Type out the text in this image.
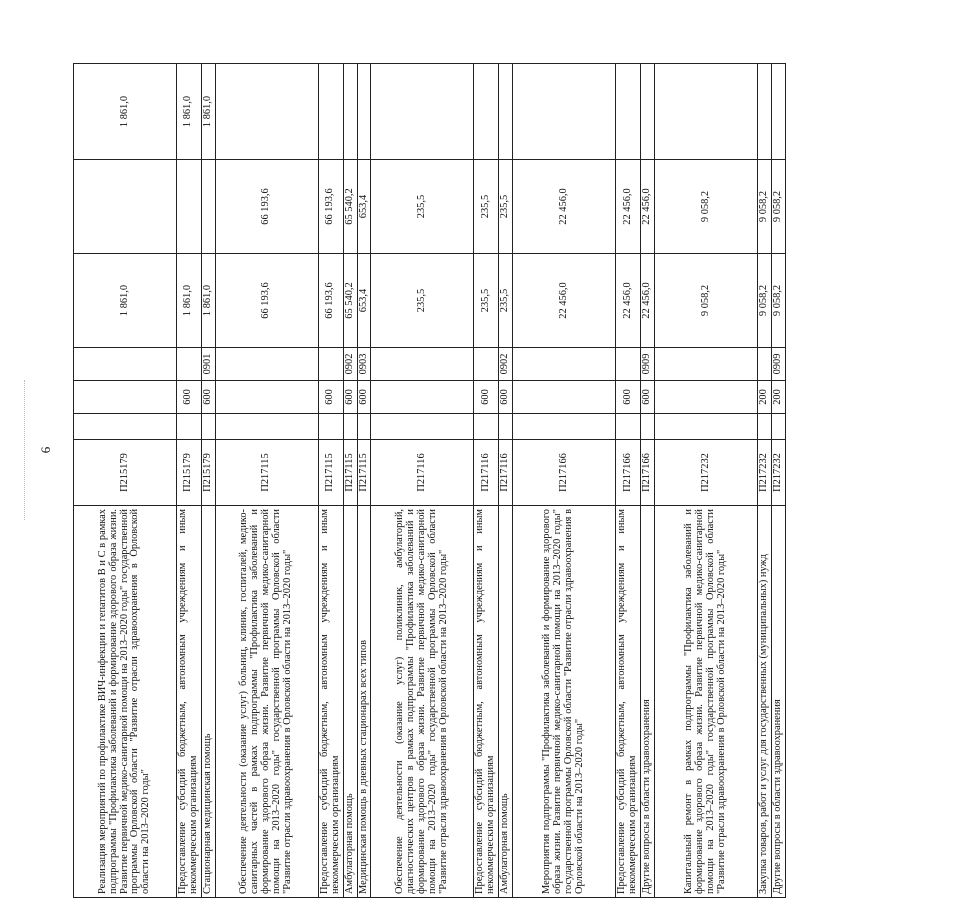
6
Реализация мероприятий по профилактике ВИЧ-инфекции и гепатитов B и C в рамках подпрограммы "Профилактика заболеваний и формирование здорового образа жизни. Развитие первичной медико-санитарной помощи на 2013–2020 годы" государственной программы Орловской области "Развитие отрасли здравоохранения в Орловской области на 2013–2020 годы"	П215179				1 861,0		1 861,0
Предоставление субсидий бюджетным, автономным учреждениям и иным некоммерческим организациям	П215179		600		1 861,0		1 861,0
Стационарная медицинская помощь	П215179		600	0901	1 861,0		1 861,0
Обеспечение деятельности (оказание услуг) больниц, клиник, госпиталей, медико-санитарных частей в рамках подпрограммы "Профилактика заболеваний и формирование здорового образа жизни. Развитие первичной медико-санитарной помощи на 2013–2020 годы" государственной программы Орловской области "Развитие отрасли здравоохранения в Орловской области на 2013–2020 годы"	П217115				66 193,6	66 193,6	
Предоставление субсидий бюджетным, автономным учреждениям и иным некоммерческим организациям	П217115		600		66 193,6	66 193,6	
Амбулаторная помощь	П217115		600	0902	65 540,2	65 540,2	
Медицинская помощь в дневных стационарах всех типов	П217115		600	0903	653,4	653,4	
Обеспечение деятельности (оказание услуг) поликлиник, амбулаторий, диагностических центров в рамках подпрограммы "Профилактика заболеваний и формирование здорового образа жизни. Развитие первичной медико-санитарной помощи на 2013–2020 годы" государственной программы Орловской области "Развитие отрасли здравоохранения в Орловской области на 2013–2020 годы"	П217116				235,5	235,5	
Предоставление субсидий бюджетным, автономным учреждениям и иным некоммерческим организациям	П217116		600		235,5	235,5	
Амбулаторная помощь	П217116		600	0902	235,5	235,5	
Мероприятия подпрограммы "Профилактика заболеваний и формирование здорового образа жизни. Развитие первичной медико-санитарной помощи на 2013–2020 годы" государственной программы Орловской области "Развитие отрасли здравоохранения в Орловской области на 2013–2020 годы"	П217166				22 456,0	22 456,0	
Предоставление субсидий бюджетным, автономным учреждениям и иным некоммерческим организациям	П217166		600		22 456,0	22 456,0	
Другие вопросы в области здравоохранения	П217166		600	0909	22 456,0	22 456,0	
Капитальный ремонт в рамках подпрограммы "Профилактика заболеваний и формирование здорового образа жизни. Развитие первичной медико-санитарной помощи на 2013–2020 годы" государственной программы Орловской области "Развитие отрасли здравоохранения в Орловской области на 2013–2020 годы"	П217232				9 058,2	9 058,2	
Закупка товаров, работ и услуг для государственных (муниципальных) нужд	П217232		200		9 058,2	9 058,2	
Другие вопросы в области здравоохранения	П217232		200	0909	9 058,2	9 058,2	
